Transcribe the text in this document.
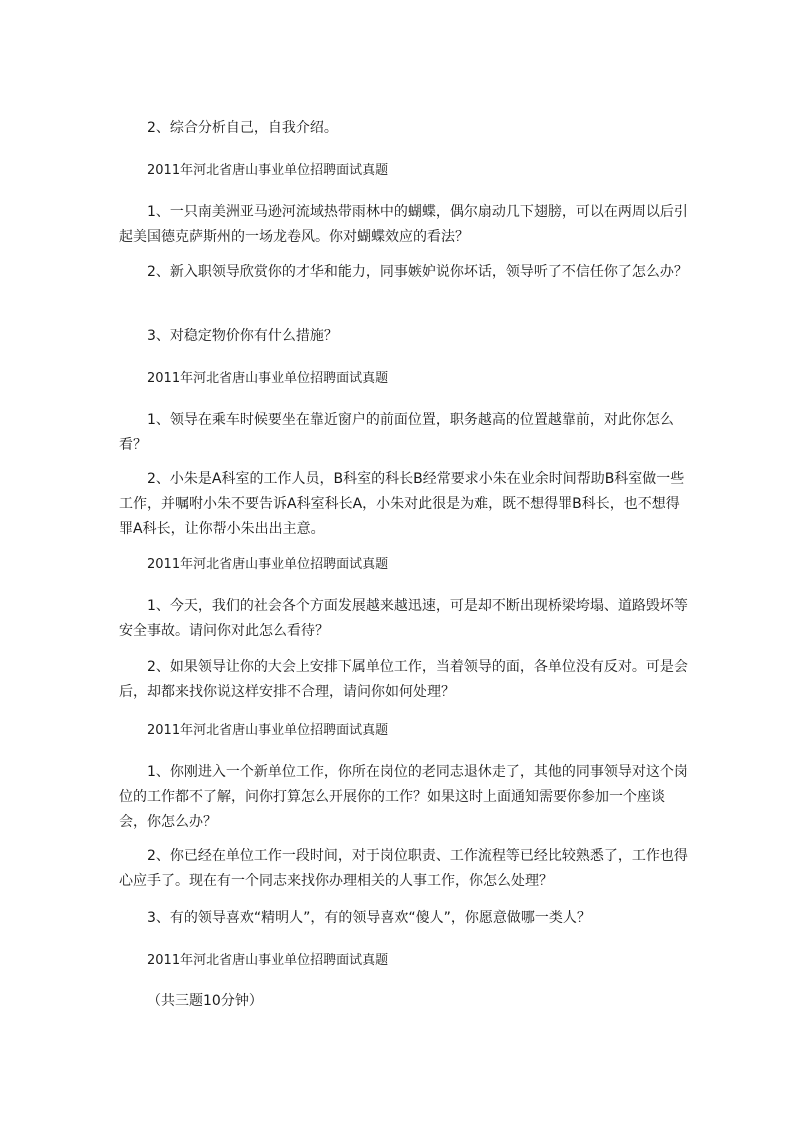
2、综合分析自己，自我介绍。

2011年河北省唐山事业单位招聘面试真题

1、一只南美洲亚马逊河流域热带雨林中的蝴蝶，偶尔扇动几下翅膀，可以在两周以后引起美国德克萨斯州的一场龙卷风。你对蝴蝶效应的看法？

2、新入职领导欣赏你的才华和能力，同事嫉妒说你坏话，领导听了不信任你了怎么办？

3、对稳定物价你有什么措施？

2011年河北省唐山事业单位招聘面试真题

1、领导在乘车时候要坐在靠近窗户的前面位置，职务越高的位置越靠前，对此你怎么看？

2、小朱是A科室的工作人员，B科室的科长B经常要求小朱在业余时间帮助B科室做一些工作，并嘱咐小朱不要告诉A科室科长A，小朱对此很是为难，既不想得罪B科长，也不想得罪A科长，让你帮小朱出出主意。

2011年河北省唐山事业单位招聘面试真题

1、今天，我们的社会各个方面发展越来越迅速，可是却不断出现桥梁垮塌、道路毁坏等安全事故。请问你对此怎么看待？

2、如果领导让你的大会上安排下属单位工作，当着领导的面，各单位没有反对。可是会后，却都来找你说这样安排不合理，请问你如何处理？

2011年河北省唐山事业单位招聘面试真题

1、你刚进入一个新单位工作，你所在岗位的老同志退休走了，其他的同事领导对这个岗位的工作都不了解，问你打算怎么开展你的工作？如果这时上面通知需要你参加一个座谈会，你怎么办？

2、你已经在单位工作一段时间，对于岗位职责、工作流程等已经比较熟悉了，工作也得心应手了。现在有一个同志来找你办理相关的人事工作，你怎么处理？

3、有的领导喜欢“精明人”，有的领导喜欢“傻人”，你愿意做哪一类人？

2011年河北省唐山事业单位招聘面试真题

（共三题10分钟）
